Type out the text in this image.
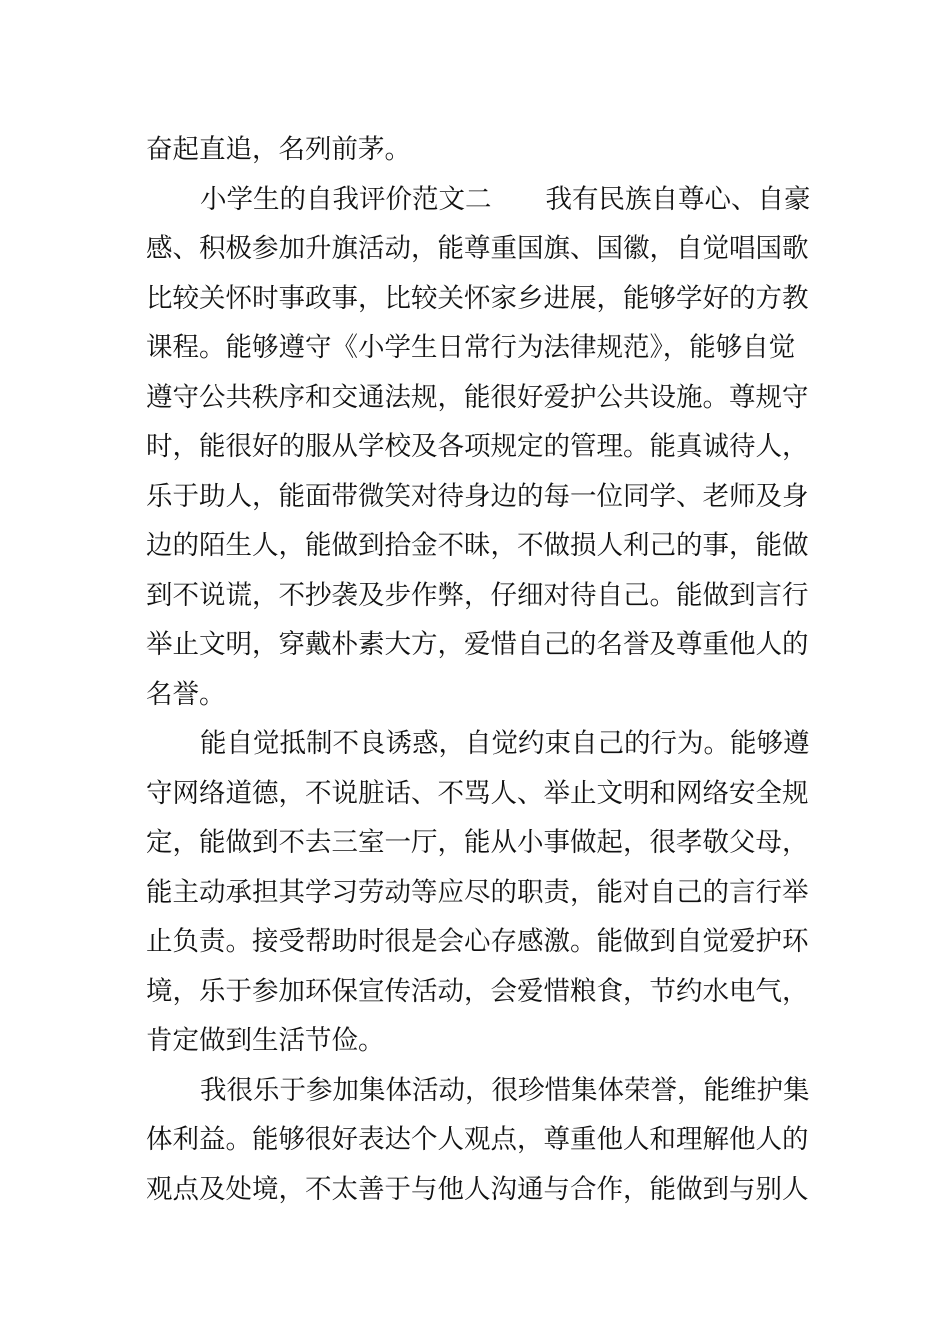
奋起直追，名列前茅。
小学生的自我评价范文二 我有民族自尊心、自豪
感、积极参加升旗活动，能尊重国旗、国徽，自觉唱国歌
比较关怀时事政事，比较关怀家乡进展，能够学好的方教
课程。能够遵守《小学生日常行为法律规范》，能够自觉
遵守公共秩序和交通法规，能很好爱护公共设施。尊规守
时，能很好的服从学校及各项规定的管理。能真诚待人，
乐于助人，能面带微笑对待身边的每一位同学、老师及身
边的陌生人，能做到拾金不昧，不做损人利己的事，能做
到不说谎，不抄袭及步作弊，仔细对待自己。能做到言行
举止文明，穿戴朴素大方，爱惜自己的名誉及尊重他人的
名誉。
能自觉抵制不良诱惑，自觉约束自己的行为。能够遵
守网络道德，不说脏话、不骂人、举止文明和网络安全规
定，能做到不去三室一厅，能从小事做起，很孝敬父母，
能主动承担其学习劳动等应尽的职责，能对自己的言行举
止负责。接受帮助时很是会心存感激。能做到自觉爱护环
境，乐于参加环保宣传活动，会爱惜粮食，节约水电气，
肯定做到生活节俭。
我很乐于参加集体活动，很珍惜集体荣誉，能维护集
体利益。能够很好表达个人观点，尊重他人和理解他人的
观点及处境，不太善于与他人沟通与合作，能做到与别人
